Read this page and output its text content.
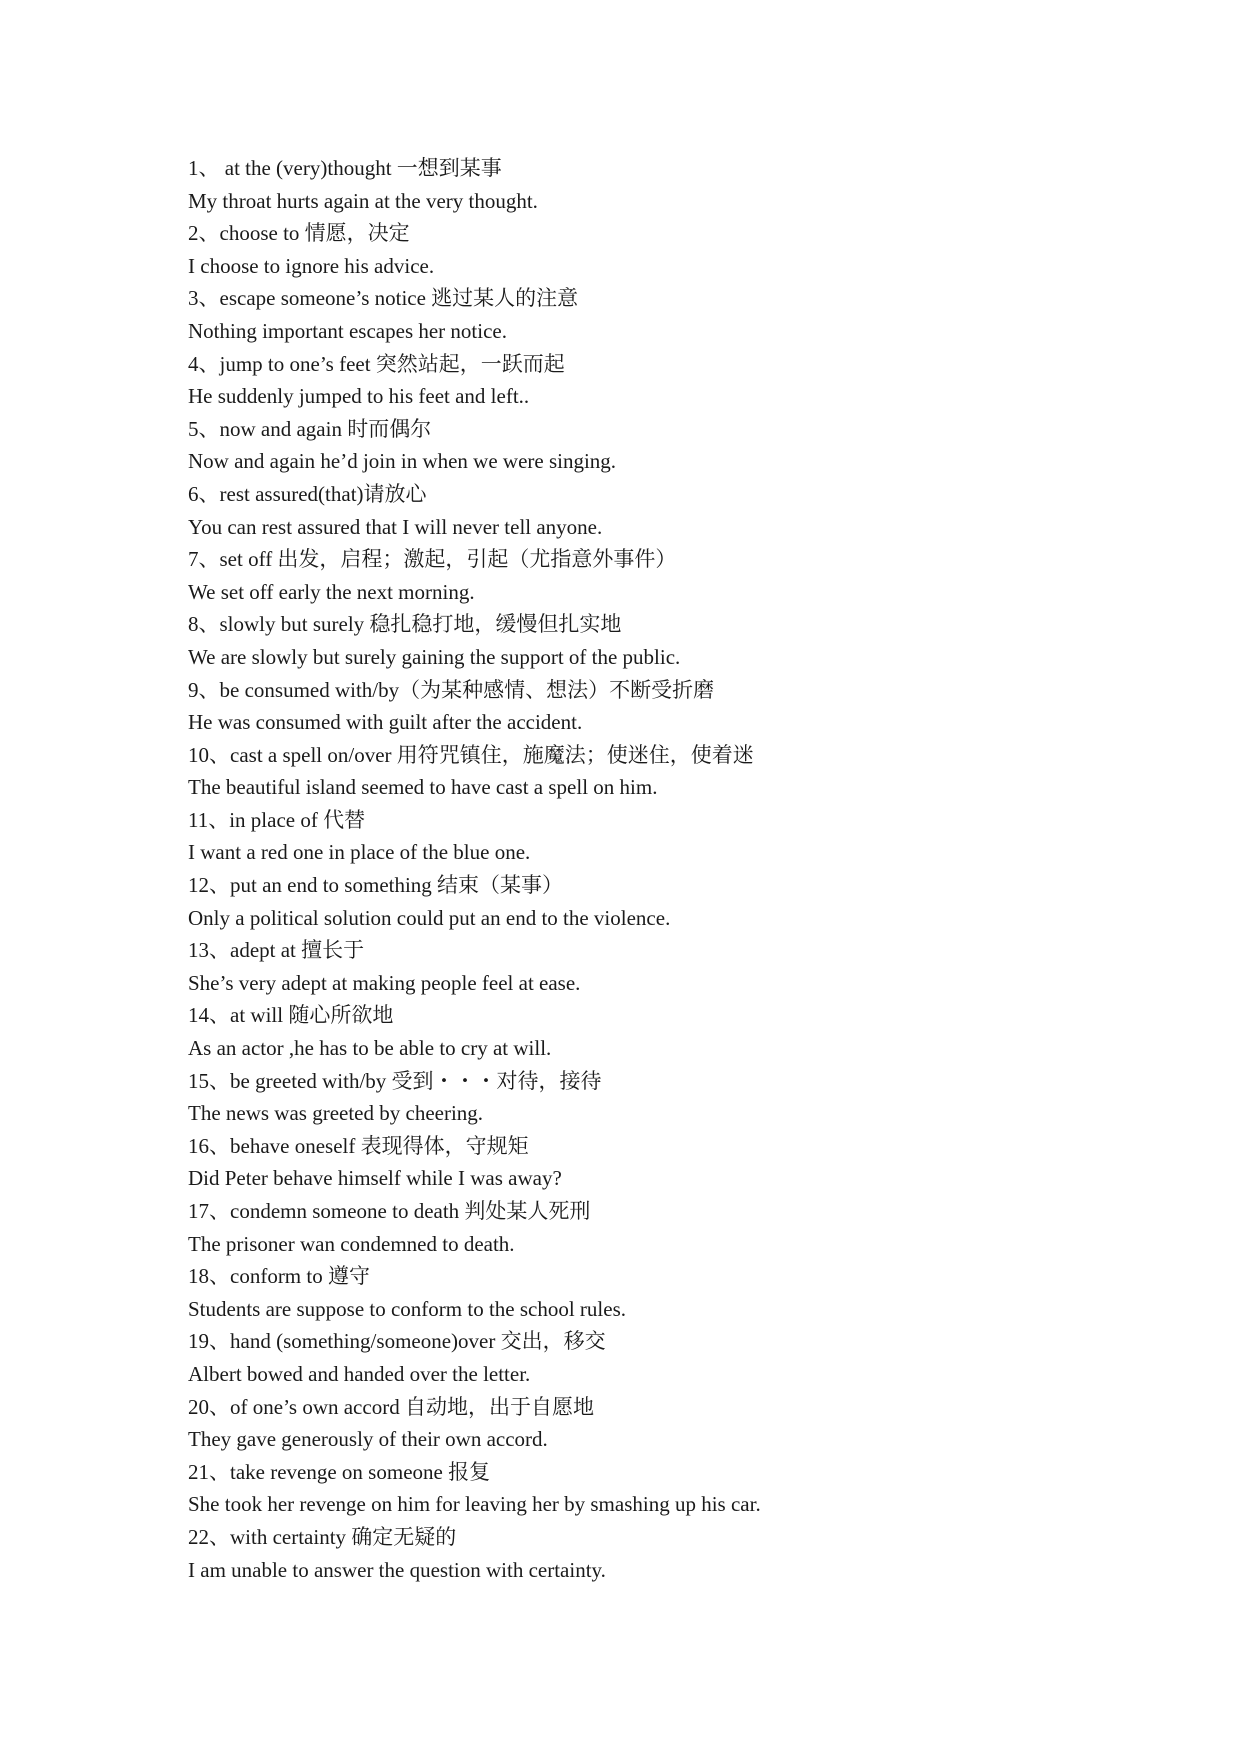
1、 at the (very)thought 一想到某事
My throat hurts again at the very thought.
2、choose to 情愿，决定
I choose to ignore his advice.
3、escape someone’s notice 逃过某人的注意
Nothing important escapes her notice.
4、jump to one’s feet 突然站起，一跃而起
He suddenly jumped to his feet and left..
5、now and again 时而偶尔
Now and again he’d join in when we were singing.
6、rest assured(that)请放心
You can rest assured that I will never tell anyone.
7、set off 出发，启程；激起，引起（尤指意外事件）
We set off early the next morning.
8、slowly but surely 稳扎稳打地，缓慢但扎实地
We are slowly but surely gaining the support of the public.
9、be consumed with/by（为某种感情、想法）不断受折磨
He was consumed with guilt after the accident.
10、cast a spell on/over 用符咒镇住，施魔法；使迷住，使着迷
The beautiful island seemed to have cast a spell on him.
11、in place of 代替
I want a red one in place of the blue one.
12、put an end to something 结束（某事）
Only a political solution could put an end to the violence.
13、adept at 擅长于
She’s very adept at making people feel at ease.
14、at will 随心所欲地
As an actor ,he has to be able to cry at will.
15、be greeted with/by 受到・・・对待，接待
The news was greeted by cheering.
16、behave oneself 表现得体，守规矩
Did Peter behave himself while I was away?
17、condemn someone to death 判处某人死刑
The prisoner wan condemned to death.
18、conform to 遵守
Students are suppose to conform to the school rules.
19、hand (something/someone)over 交出，移交
Albert bowed and handed over the letter.
20、of one’s own accord 自动地，出于自愿地
They gave generously of their own accord.
21、take revenge on someone 报复
She took her revenge on him for leaving her by smashing up his car.
22、with certainty 确定无疑的
I am unable to answer the question with certainty.
